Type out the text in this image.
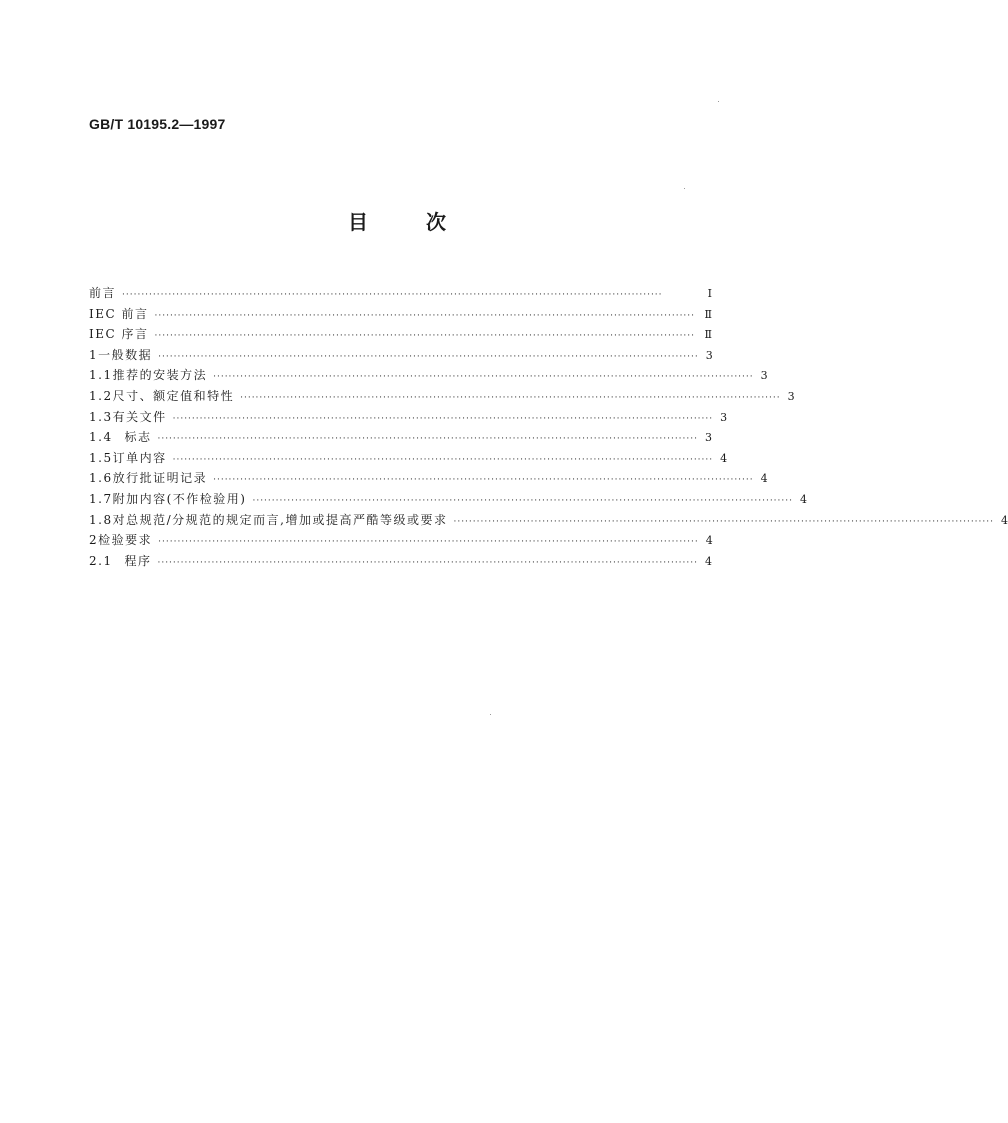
GB/T 10195.2—1997
目	次
前言 ············································································································································	I
IEC 前言 ············································································································································ Ⅱ
IEC 序言 ············································································································································ Ⅱ
1 一般数据 ············································································································································ 3
1.1 推荐的安装方法 ············································································································································ 3
1.2 尺寸、额定值和特性 ············································································································································ 3
1.3 有关文件 ············································································································································ 3
1.4 标志 ············································································································································ 3
1.5 订单内容 ············································································································································ 4
1.6 放行批证明记录 ············································································································································ 4
1.7 附加内容(不作检验用) ············································································································································ 4
1.8 对总规范/分规范的规定而言,增加或提高严酷等级或要求 ············································································································································ 4
2 检验要求 ············································································································································ 4
2.1 程序 ············································································································································ 4
